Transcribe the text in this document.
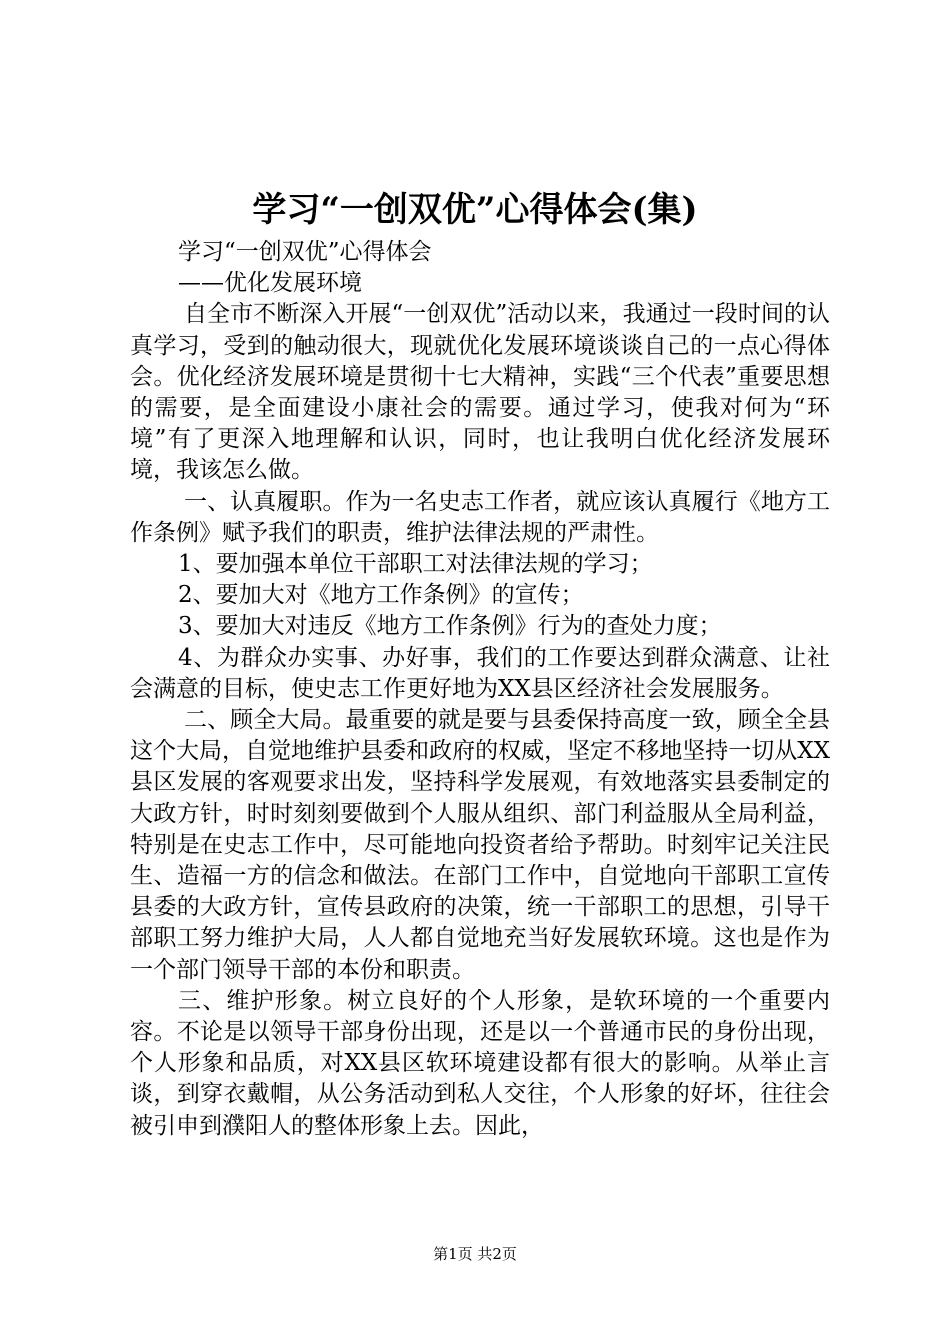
学习“一创双优”心得体会(集)

学习“一创双优”心得体会

——优化发展环境

自全市不断深入开展“一创双优”活动以来，我通过一段时间的认真学习，受到的触动很大，现就优化发展环境谈谈自己的一点心得体会。优化经济发展环境是贯彻十七大精神，实践“三个代表”重要思想的需要，是全面建设小康社会的需要。通过学习，使我对何为“环境”有了更深入地理解和认识，同时，也让我明白优化经济发展环境，我该怎么做。

一、认真履职。作为一名史志工作者，就应该认真履行《地方工作条例》赋予我们的职责，维护法律法规的严肃性。

1、要加强本单位干部职工对法律法规的学习；

2、要加大对《地方工作条例》的宣传；

3、要加大对违反《地方工作条例》行为的查处力度；

4、为群众办实事、办好事，我们的工作要达到群众满意、让社会满意的目标，使史志工作更好地为XX县区经济社会发展服务。

二、顾全大局。最重要的就是要与县委保持高度一致，顾全全县这个大局，自觉地维护县委和政府的权威，坚定不移地坚持一切从XX县区发展的客观要求出发，坚持科学发展观，有效地落实县委制定的大政方针，时时刻刻要做到个人服从组织、部门利益服从全局利益，特别是在史志工作中，尽可能地向投资者给予帮助。时刻牢记关注民生、造福一方的信念和做法。在部门工作中，自觉地向干部职工宣传县委的大政方针，宣传县政府的决策，统一干部职工的思想，引导干部职工努力维护大局，人人都自觉地充当好发展软环境。这也是作为一个部门领导干部的本份和职责。

三、维护形象。树立良好的个人形象，是软环境的一个重要内容。不论是以领导干部身份出现，还是以一个普通市民的身份出现，个人形象和品质，对XX县区软环境建设都有很大的影响。从举止言谈，到穿衣戴帽，从公务活动到私人交往，个人形象的好坏，往往会被引申到濮阳人的整体形象上去。因此，

第1页 共2页
